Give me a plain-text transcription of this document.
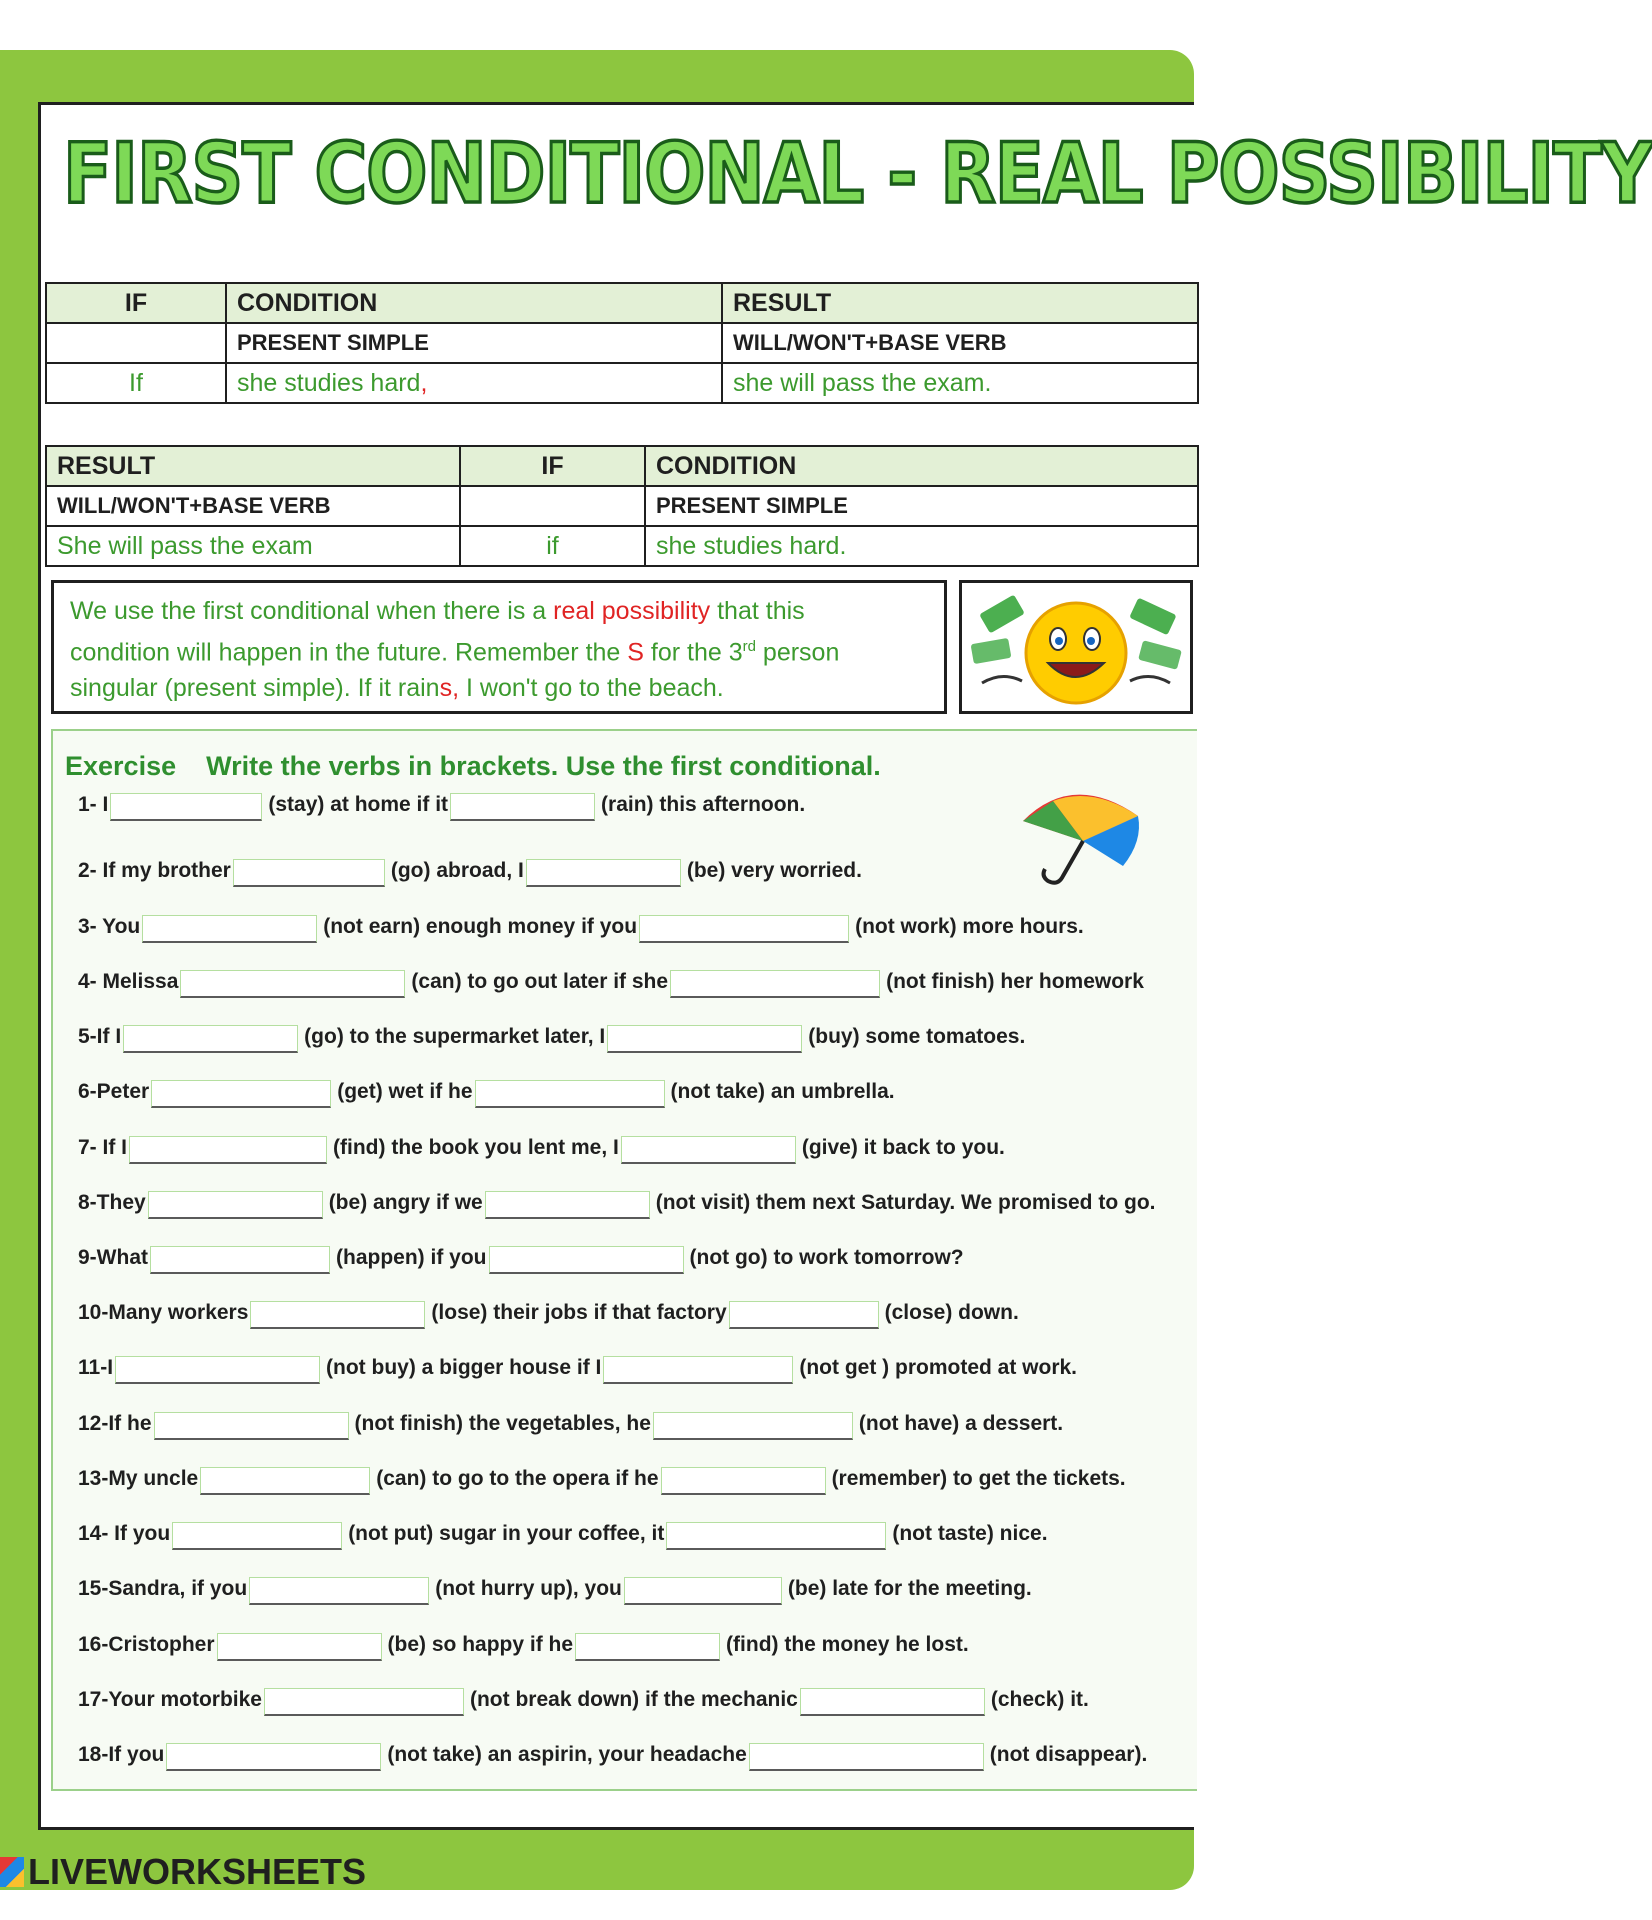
FIRST CONDITIONAL - REAL POSSIBILITY
IF	CONDITION	RESULT
	PRESENT SIMPLE	WILL/WON'T+BASE VERB
If	she studies hard,	she will pass the exam.
RESULT	IF	CONDITION
WILL/WON'T+BASE VERB		PRESENT SIMPLE
She will pass the exam	if	she studies hard.
We use the first conditional when there is a real possibility that this
condition will happen in the future. Remember the S for the 3rd person
singular (present simple). If it rains, I won't go to the beach.
Exercise Write the verbs in brackets. Use the first conditional.
1- I	(stay) at home if it	(rain) this afternoon.
2- If my brother	(go) abroad, I	(be) very worried.
3- You	(not earn) enough money if you	(not work) more hours.
4- Melissa	(can) to go out later if she	(not finish) her homework
5-If I	(go) to the supermarket later, I	(buy) some tomatoes.
6-Peter	(get) wet if he	(not take) an umbrella.
7- If I	(find) the book you lent me, I	(give) it back to you.
8-They	(be) angry if we	(not visit) them next Saturday. We promised to go.
9-What	(happen) if you	(not go) to work tomorrow?
10-Many workers	(lose) their jobs if that factory	(close) down.
11-I	(not buy) a bigger house if I	(not get ) promoted at work.
12-If he	(not finish) the vegetables, he	(not have) a dessert.
13-My uncle	(can) to go to the opera if he	(remember) to get the tickets.
14- If you	(not put) sugar in your coffee, it	(not taste) nice.
15-Sandra, if you	(not hurry up), you	(be) late for the meeting.
16-Cristopher	(be) so happy if he	(find) the money he lost.
17-Your motorbike	(not break down) if the mechanic	(check) it.
18-If you	(not take) an aspirin, your headache	(not disappear).
LIVEWORKSHEETS
